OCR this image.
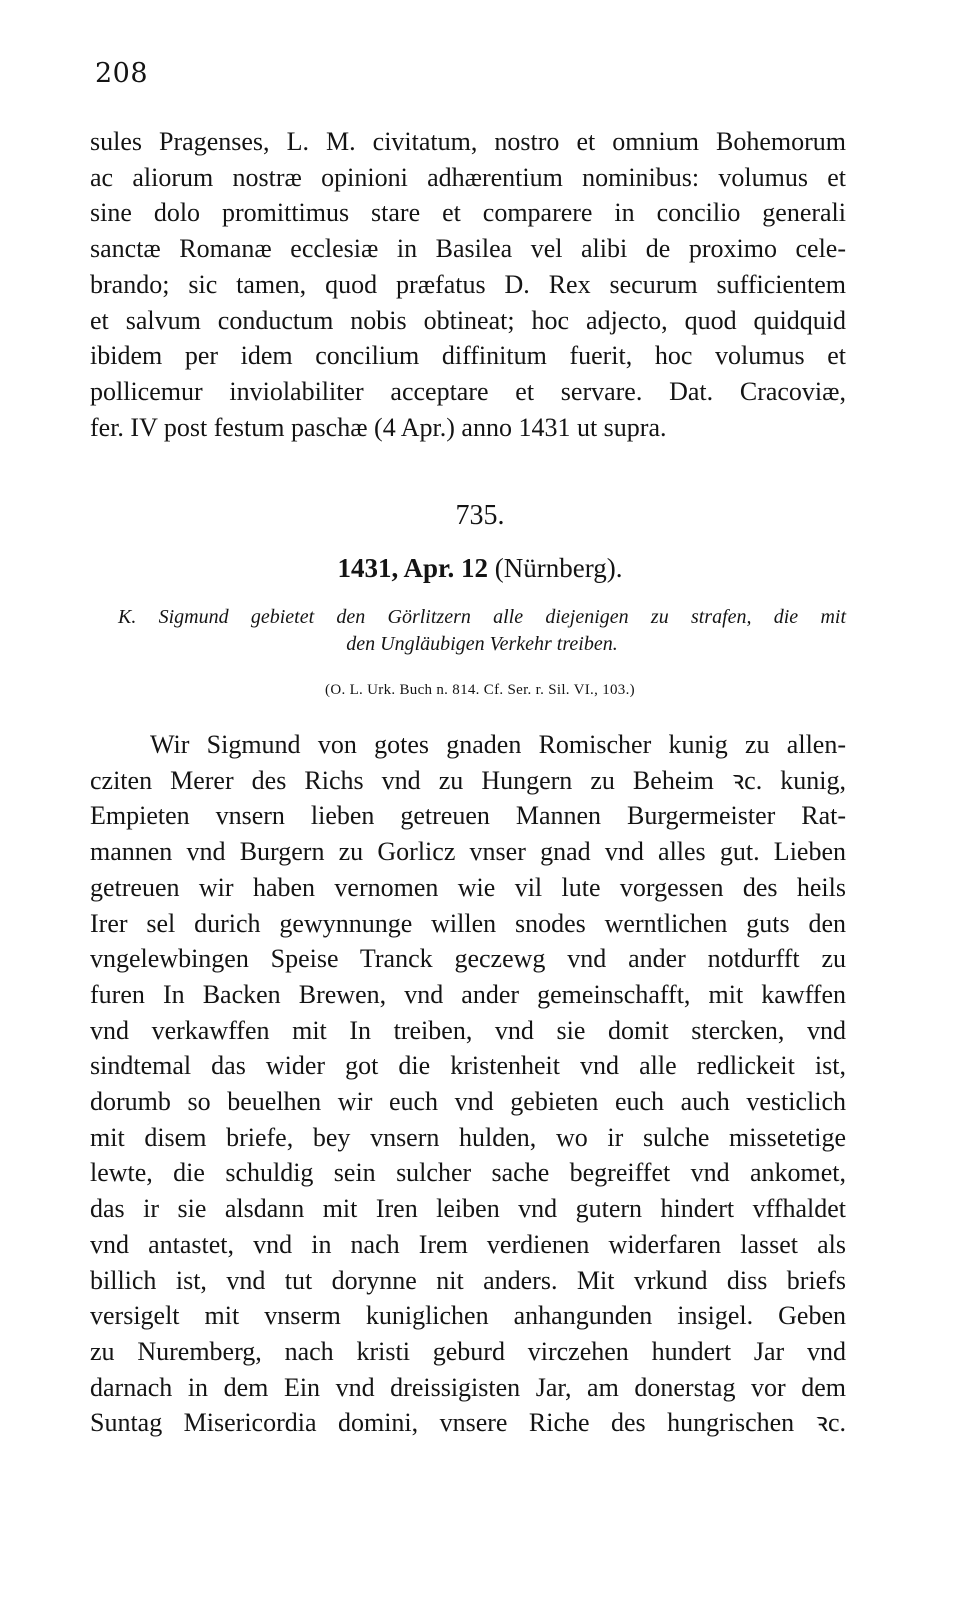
208
sules Pragenses, L. M. civitatum, nostro et omnium Bohemorum
ac aliorum nostræ opinioni adhærentium nominibus: volumus et
sine dolo promittimus stare et comparere in concilio generali
sanctæ Romanæ ecclesiæ in Basilea vel alibi de proximo cele-
brando; sic tamen, quod præfatus D. Rex securum sufficientem
et salvum conductum nobis obtineat; hoc adjecto, quod quidquid
ibidem per idem concilium diffinitum fuerit, hoc volumus et
pollicemur inviolabiliter acceptare et servare. Dat. Cracoviæ,
fer. IV post festum paschæ (4 Apr.) anno 1431 ut supra.
735.
1431, Apr. 12 (Nürnberg).
K. Sigmund gebietet den Görlitzern alle diejenigen zu strafen, die mit
den Ungläubigen Verkehr treiben.
(O. L. Urk. Buch n. 814. Cf. Ser. r. Sil. VI., 103.)
Wir Sigmund von gotes gnaden Romischer kunig zu allen-
cziten Merer des Richs vnd zu Hungern zu Beheim ꝛc. kunig,
Empieten vnsern lieben getreuen Mannen Burgermeister Rat-
mannen vnd Burgern zu Gorlicz vnser gnad vnd alles gut. Lieben
getreuen wir haben vernomen wie vil lute vorgessen des heils
Irer sel durich gewynnunge willen snodes werntlichen guts den
vngelewbingen Speise Tranck geczewg vnd ander notdurfft zu
furen In Backen Brewen, vnd ander gemeinschafft, mit kawffen
vnd verkawffen mit In treiben, vnd sie domit stercken, vnd
sindtemal das wider got die kristenheit vnd alle redlickeit ist,
dorumb so beuelhen wir euch vnd gebieten euch auch vesticlich
mit disem briefe, bey vnsern hulden, wo ir sulche missetetige
lewte, die schuldig sein sulcher sache begreiffet vnd ankomet,
das ir sie alsdann mit Iren leiben vnd gutern hindert vffhaldet
vnd antastet, vnd in nach Irem verdienen widerfaren lasset als
billich ist, vnd tut dorynne nit anders. Mit vrkund diss briefs
versigelt mit vnserm kuniglichen anhangunden insigel. Geben
zu Nuremberg, nach kristi geburd virczehen hundert Jar vnd
darnach in dem Ein vnd dreissigisten Jar, am donerstag vor dem
Suntag Misericordia domini, vnsere Riche des hungrischen ꝛc.
